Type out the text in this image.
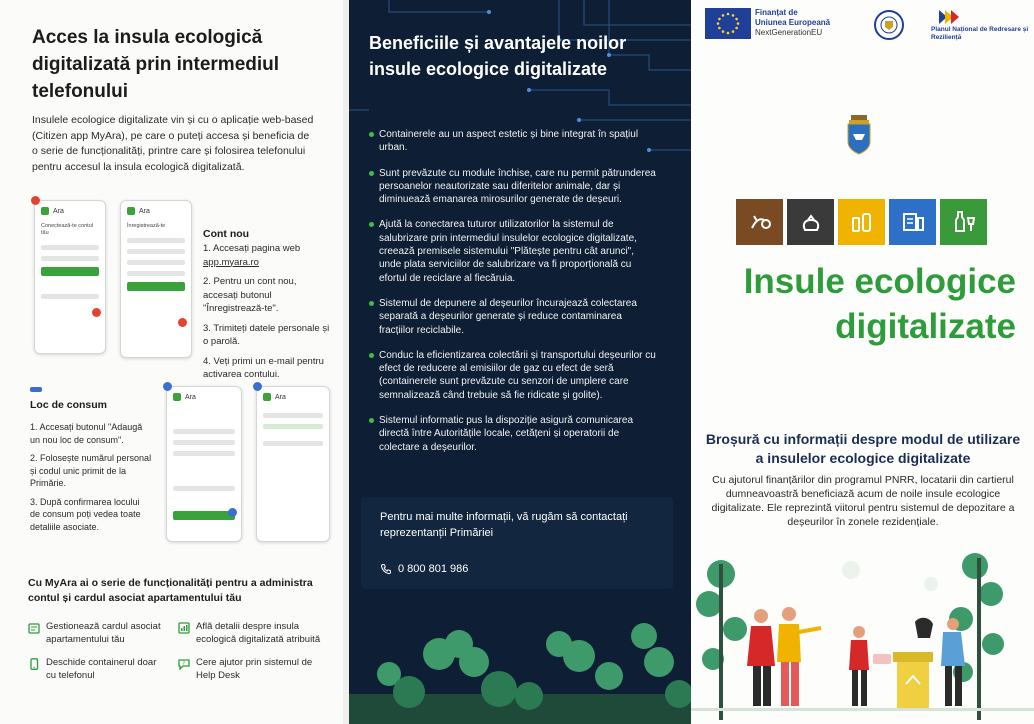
Acces la insula ecologică digitalizată prin intermediul telefonului

Insulele ecologice digitalizate vin și cu o aplicație web-based (Citizen app MyAra), pe care o puteți accesa și beneficia de o serie de funcționalități, printre care și folosirea telefonului pentru accesul la insula ecologică digitalizată.

Ara
Conectează-te contul tău
Ara
Înregistrează-te
Cont nou
1. Accesați pagina web
app.myara.ro
2. Pentru un cont nou, accesați butonul "Înregistrează-te".
3. Trimiteți datele personale și o parolă.
4. Veți primi un e-mail pentru activarea contului.
Loc de consum
1. Accesați butonul "Adaugă un nou loc de consum".
2. Folosește numărul personal și codul unic primit de la Primărie.
3. După confirmarea locului de consum poți vedea toate detaliile asociate.
Ara	Ara
Cu MyAra ai o serie de funcționalități pentru a administra contul și cardul asociat apartamentului tău
Gestionează cardul asociat apartamentului tău
Află detalii despre insula ecologică digitalizată atribuită
Deschide containerul doar cu telefonul
? Cere ajutor prin sistemul de Help Desk
Beneficiile și avantajele noilor insule ecologice digitalizate
Containerele au un aspect estetic și bine integrat în spațiul urban.
Sunt prevăzute cu module închise, care nu permit pătrunderea persoanelor neautorizate sau diferitelor animale, dar și diminuează emanarea mirosurilor generate de deșeuri.
Ajută la conectarea tuturor utilizatorilor la sistemul de salubrizare prin intermediul insulelor ecologice digitalizate, creează premisele sistemului "Plătește pentru cât arunci", unde plata serviciilor de salubrizare va fi proporțională cu efortul de reciclare al fiecăruia.
Sistemul de depunere al deșeurilor încurajează colectarea separată a deșeurilor generate și reduce contaminarea fracțiilor reciclabile.
Conduc la eficientizarea colectării și transportului deșeurilor cu efect de reducere al emisiilor de gaz cu efect de seră (containerele sunt prevăzute cu senzori de umplere care semnalizează când trebuie să fie ridicate și golite).
Sistemul informatic pus la dispoziție asigură comunicarea directă între Autoritățile locale, cetățeni și operatorii de colectare a deșeurilor.
Pentru mai multe informații, vă rugăm să contactați reprezentanții Primăriei
0 800 801 986
Finanțat de
Uniunea Europeană
NextGenerationEU	Planul Național de Redresare și Reziliență
Insule ecologice
digitalizate
Broșură cu informații despre modul de utilizare a insulelor ecologice digitalizate
Cu ajutorul finanțărilor din programul PNRR, locatarii din cartierul dumneavoastră beneficiază acum de noile insule ecologice digitalizate. Ele reprezintă viitorul pentru sistemul de depozitare a deșeurilor în zonele rezidențiale.
